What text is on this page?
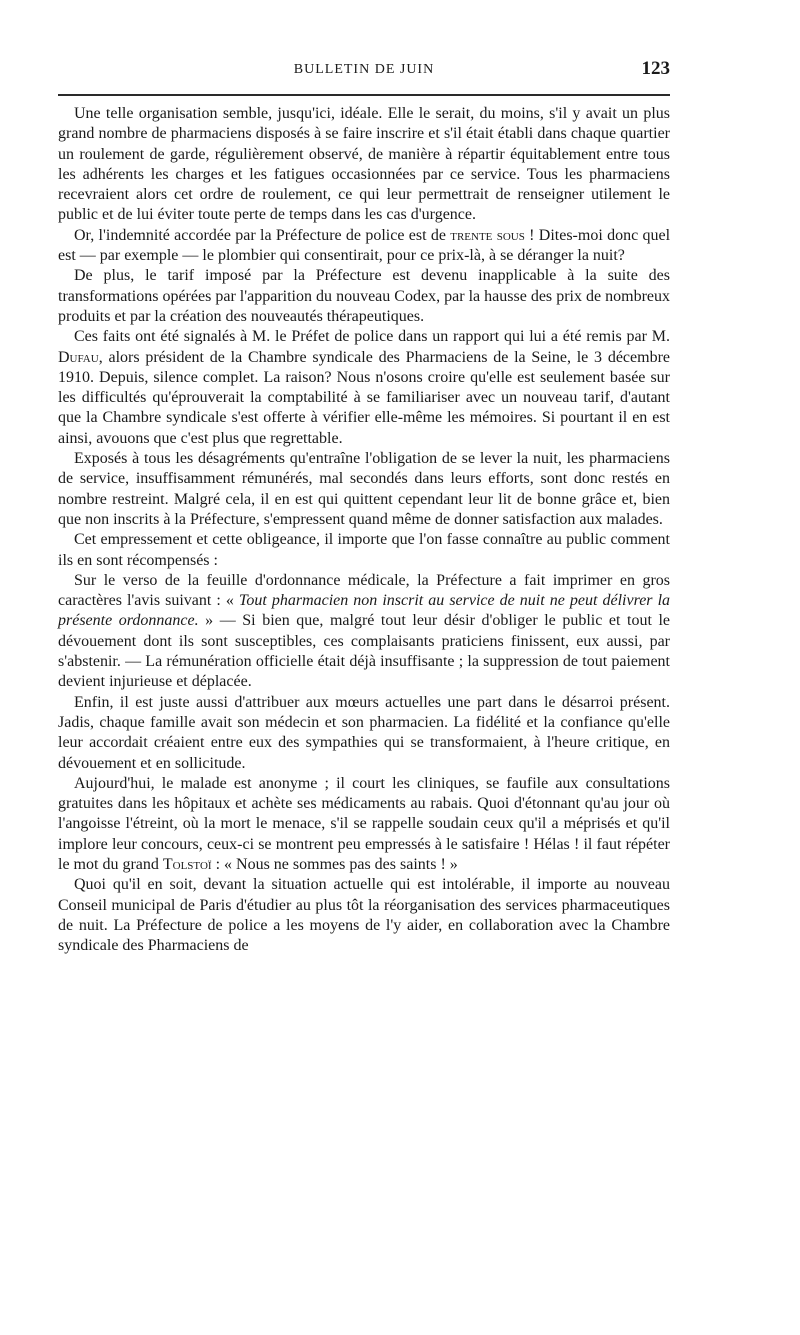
BULLETIN DE JUIN	123

Une telle organisation semble, jusqu'ici, idéale. Elle le serait, du moins, s'il y avait un plus grand nombre de pharmaciens disposés à se faire inscrire et s'il était établi dans chaque quartier un roulement de garde, régulièrement observé, de manière à répartir équitablement entre tous les adhérents les charges et les fatigues occasionnées par ce service. Tous les pharmaciens recevraient alors cet ordre de roulement, ce qui leur permettrait de renseigner utilement le public et de lui éviter toute perte de temps dans les cas d'urgence.

Or, l'indemnité accordée par la Préfecture de police est de trente sous ! Dites-moi donc quel est — par exemple — le plombier qui consentirait, pour ce prix-là, à se déranger la nuit?

De plus, le tarif imposé par la Préfecture est devenu inapplicable à la suite des transformations opérées par l'apparition du nouveau Codex, par la hausse des prix de nombreux produits et par la création des nouveautés thérapeutiques.

Ces faits ont été signalés à M. le Préfet de police dans un rapport qui lui a été remis par M. Dufau, alors président de la Chambre syndicale des Pharmaciens de la Seine, le 3 décembre 1910. Depuis, silence complet. La raison? Nous n'osons croire qu'elle est seulement basée sur les difficultés qu'éprouverait la comptabilité à se familiariser avec un nouveau tarif, d'autant que la Chambre syndicale s'est offerte à vérifier elle-même les mémoires. Si pourtant il en est ainsi, avouons que c'est plus que regrettable.

Exposés à tous les désagréments qu'entraîne l'obligation de se lever la nuit, les pharmaciens de service, insuffisamment rémunérés, mal secondés dans leurs efforts, sont donc restés en nombre restreint. Malgré cela, il en est qui quittent cependant leur lit de bonne grâce et, bien que non inscrits à la Préfecture, s'empressent quand même de donner satisfaction aux malades.

Cet empressement et cette obligeance, il importe que l'on fasse connaître au public comment ils en sont récompensés :

Sur le verso de la feuille d'ordonnance médicale, la Préfecture a fait imprimer en gros caractères l'avis suivant : « Tout pharmacien non inscrit au service de nuit ne peut délivrer la présente ordonnance. » — Si bien que, malgré tout leur désir d'obliger le public et tout le dévouement dont ils sont susceptibles, ces complaisants praticiens finissent, eux aussi, par s'abstenir. — La rémunération officielle était déjà insuffisante ; la suppression de tout paiement devient injurieuse et déplacée.

Enfin, il est juste aussi d'attribuer aux mœurs actuelles une part dans le désarroi présent. Jadis, chaque famille avait son médecin et son pharmacien. La fidélité et la confiance qu'elle leur accordait créaient entre eux des sympathies qui se transformaient, à l'heure critique, en dévouement et en sollicitude.

Aujourd'hui, le malade est anonyme ; il court les cliniques, se faufile aux consultations gratuites dans les hôpitaux et achète ses médicaments au rabais. Quoi d'étonnant qu'au jour où l'angoisse l'étreint, où la mort le menace, s'il se rappelle soudain ceux qu'il a méprisés et qu'il implore leur concours, ceux-ci se montrent peu empressés à le satisfaire ! Hélas ! il faut répéter le mot du grand Tolstoï : « Nous ne sommes pas des saints ! »

Quoi qu'il en soit, devant la situation actuelle qui est intolérable, il importe au nouveau Conseil municipal de Paris d'étudier au plus tôt la réorganisation des services pharmaceutiques de nuit. La Préfecture de police a les moyens de l'y aider, en collaboration avec la Chambre syndicale des Pharmaciens de
